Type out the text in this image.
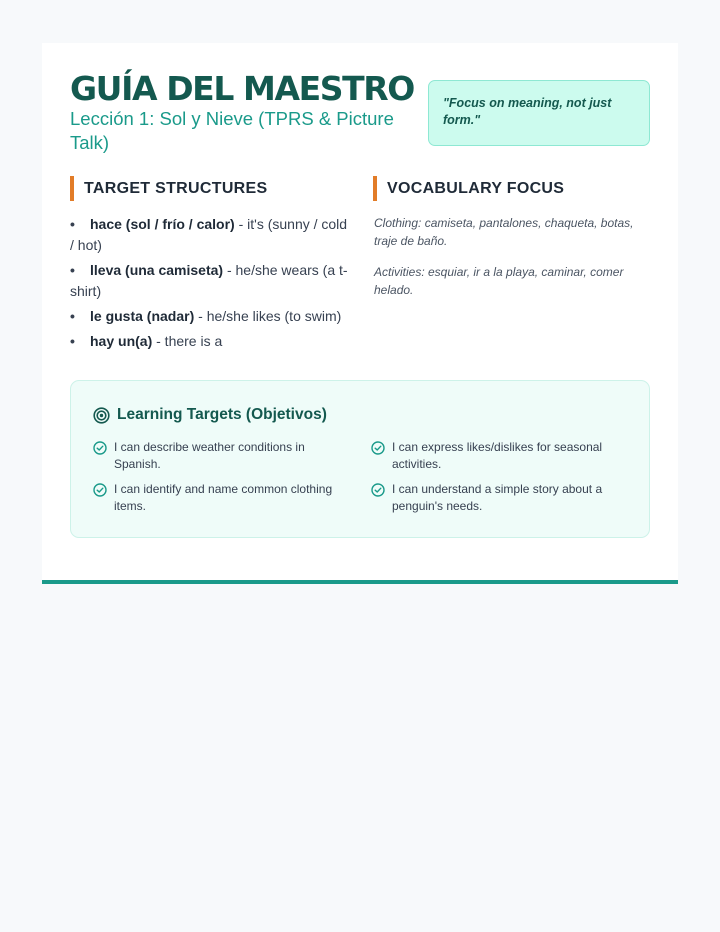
GUÍA DEL MAESTRO
Lección 1: Sol y Nieve (TPRS & Picture Talk)
"Focus on meaning, not just form."
TARGET STRUCTURES	VOCABULARY FOCUS
• hace (sol / frío / calor) - it's (sunny / cold / hot)
• lleva (una camiseta) - he/she wears (a t-shirt)
• le gusta (nadar) - he/she likes (to swim)
• hay un(a) - there is a

Clothing: camiseta, pantalones, chaqueta, botas, traje de baño.

Activities: esquiar, ir a la playa, caminar, comer helado.

Learning Targets (Objetivos)
I can describe weather conditions in Spanish.
I can express likes/dislikes for seasonal activities.
I can identify and name common clothing items.
I can understand a simple story about a penguin's needs.
